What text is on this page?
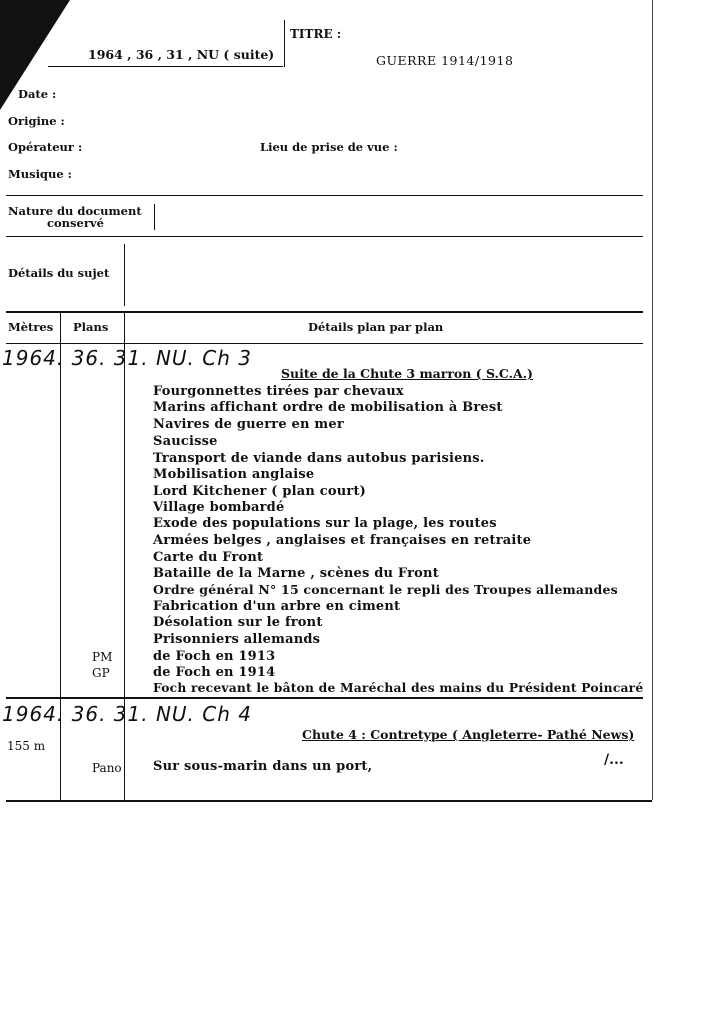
TITRE :
1964 , 36 , 31 , NU ( suite)	GUERRE 1914/1918
Date :
Origine :
Opérateur :	Lieu de prise de vue :
Musique :
Nature du document
conservé
Détails du sujet
Mètres Plans	Détails plan par plan
1964. 36. 31. NU. Ch 3
Suite de la Chute 3 marron ( S.C.A.)
Fourgonnettes tirées par chevaux
Marins affichant ordre de mobilisation à Brest
Navires de guerre en mer
Saucisse
Transport de viande dans autobus parisiens.
Mobilisation anglaise
Lord Kitchener ( plan court)
Village bombardé
Exode des populations sur la plage, les routes
Armées belges , anglaises et françaises en retraite
Carte du Front
Bataille de la Marne , scènes du Front
Ordre général N° 15 concernant le repli des Troupes allemandes
Fabrication d'un arbre en ciment
Désolation sur le front
Prisonniers allemands
PM	de Foch en 1913
GP	de Foch en 1914
Foch recevant le bâton de Maréchal des mains du Président Poincaré
1964. 36. 31. NU. Ch 4
Chute 4 : Contretype ( Angleterre- Pathé News)
155 m
Pano Sur sous-marin dans un port,	/...
